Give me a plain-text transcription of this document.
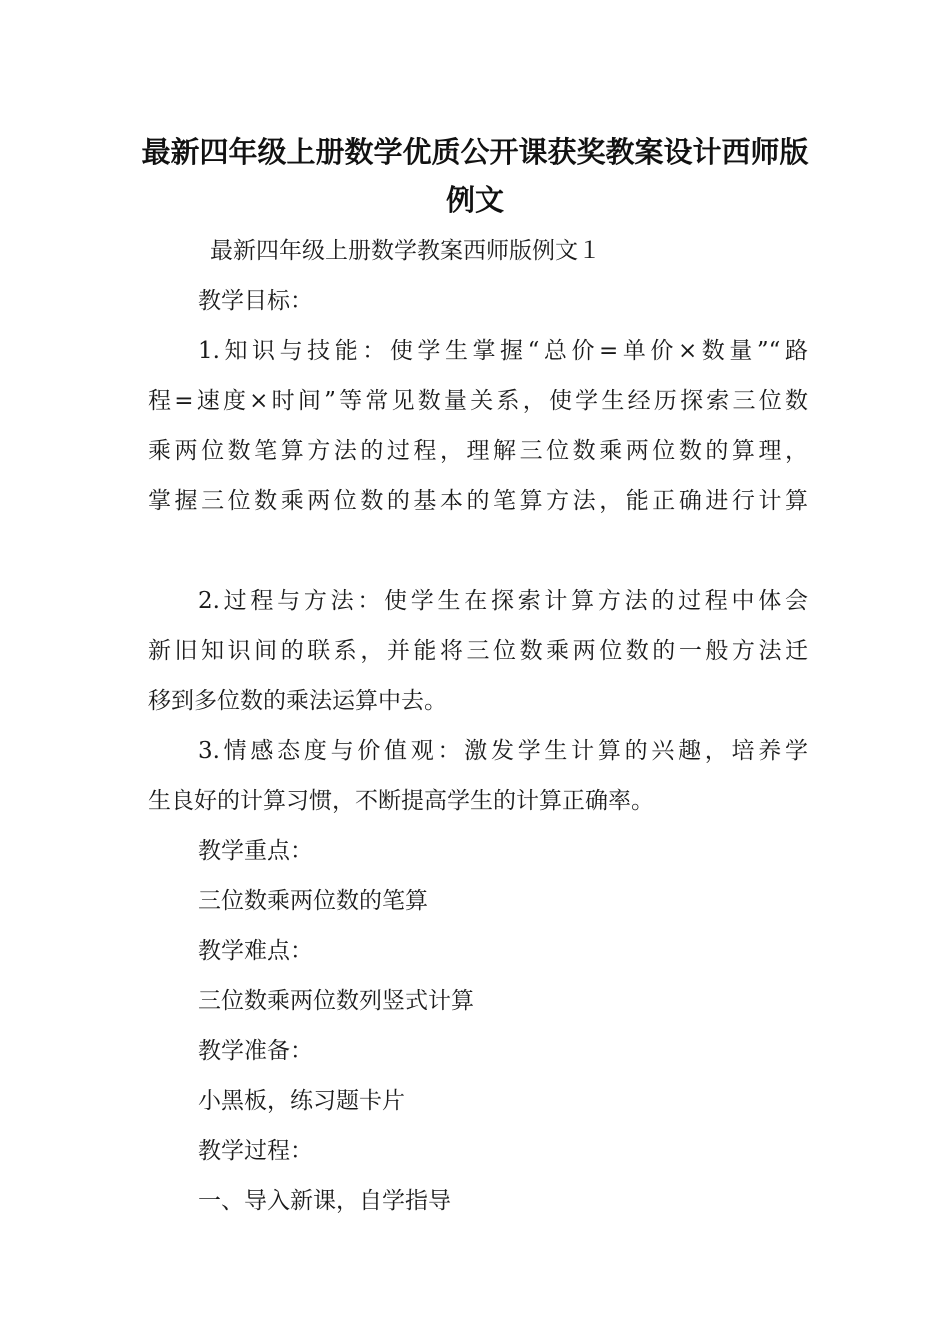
最新四年级上册数学优质公开课获奖教案设计西师版
例文
最新四年级上册数学教案西师版例文１
教学目标：
1.知识与技能：使学生掌握“总价=单价×数量”“路
程=速度×时间”等常见数量关系，使学生经历探索三位数
乘两位数笔算方法的过程，理解三位数乘两位数的算理，
掌握三位数乘两位数的基本的笔算方法，能正确进行计算
2.过程与方法：使学生在探索计算方法的过程中体会
新旧知识间的联系，并能将三位数乘两位数的一般方法迁
移到多位数的乘法运算中去。
3.情感态度与价值观：激发学生计算的兴趣，培养学
生良好的计算习惯，不断提高学生的计算正确率。
教学重点：
三位数乘两位数的笔算
教学难点：
三位数乘两位数列竖式计算
教学准备：
小黑板，练习题卡片
教学过程：
一、导入新课，自学指导
